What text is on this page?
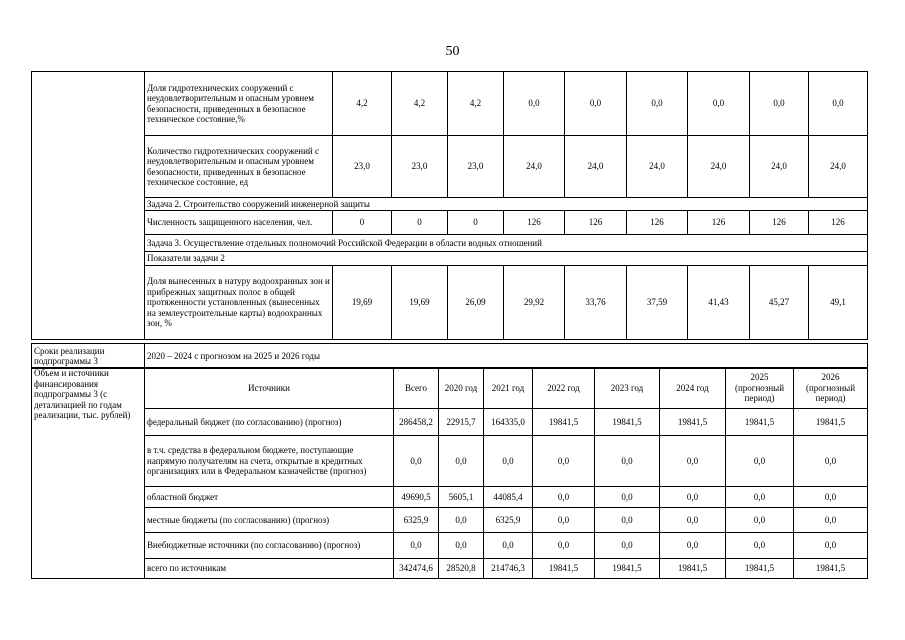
50
	Доля гидротехнических сооружений с неудовлетворительным и опасным уровнем безопасности, приведенных в безопасное техническое состояние,%	4,2	4,2	4,2	0,0	0,0	0,0	0,0	0,0	0,0
	Количество гидротехнических сооружений с неудовлетворительным и опасным уровнем безопасности, приведенных в безопасное техническое состояние, ед	23,0	23,0	23,0	24,0	24,0	24,0	24,0	24,0	24,0
	Задача 2. Строительство сооружений инженерной защиты									
	Численность защищенного населения, чел.	0	0	0	126	126	126	126	126	126
	Задача 3. Осуществление отдельных полномочий Российской Федерации в области водных отношений									
	Показатели задачи 2									
	Доля вынесенных в натуру водоохранных зон и прибрежных защитных полос в общей протяженности установленных (вынесенных на землеустроительные карты) водоохранных зон, %	19,69	19,69	26,09	29,92	33,76	37,59	41,43	45,27	49,1
Сроки реализации подпрограммы 3	2020 – 2024 с прогнозом на 2025 и 2026 годы
Объем и источники финансирования подпрограммы 3 (с детализацией по годам реализации, тыс. рублей)	Источники	Всего	2020 год	2021 год	2022 год	2023 год	2024 год	2025 (прогнозный период)	2026 (прогнозный период)
	федеральный бюджет (по согласованию) (прогноз)	286458,2	22915,7	164335,0	19841,5	19841,5	19841,5	19841,5	19841,5
	в т.ч. средства в федеральном бюджете, поступающие напрямую получателям на счета, открытые в кредитных организациях или в Федеральном казначействе (прогноз)	0,0	0,0	0,0	0,0	0,0	0,0	0,0	0,0
	областной бюджет	49690,5	5605,1	44085,4	0,0	0,0	0,0	0,0	0,0
	местные бюджеты (по согласованию) (прогноз)	6325,9	0,0	6325,9	0,0	0,0	0,0	0,0	0,0
	Внебюджетные источники (по согласованию) (прогноз)	0,0	0,0	0,0	0,0	0,0	0,0	0,0	0,0
	всего по источникам	342474,6	28520,8	214746,3	19841,5	19841,5	19841,5	19841,5	19841,5
